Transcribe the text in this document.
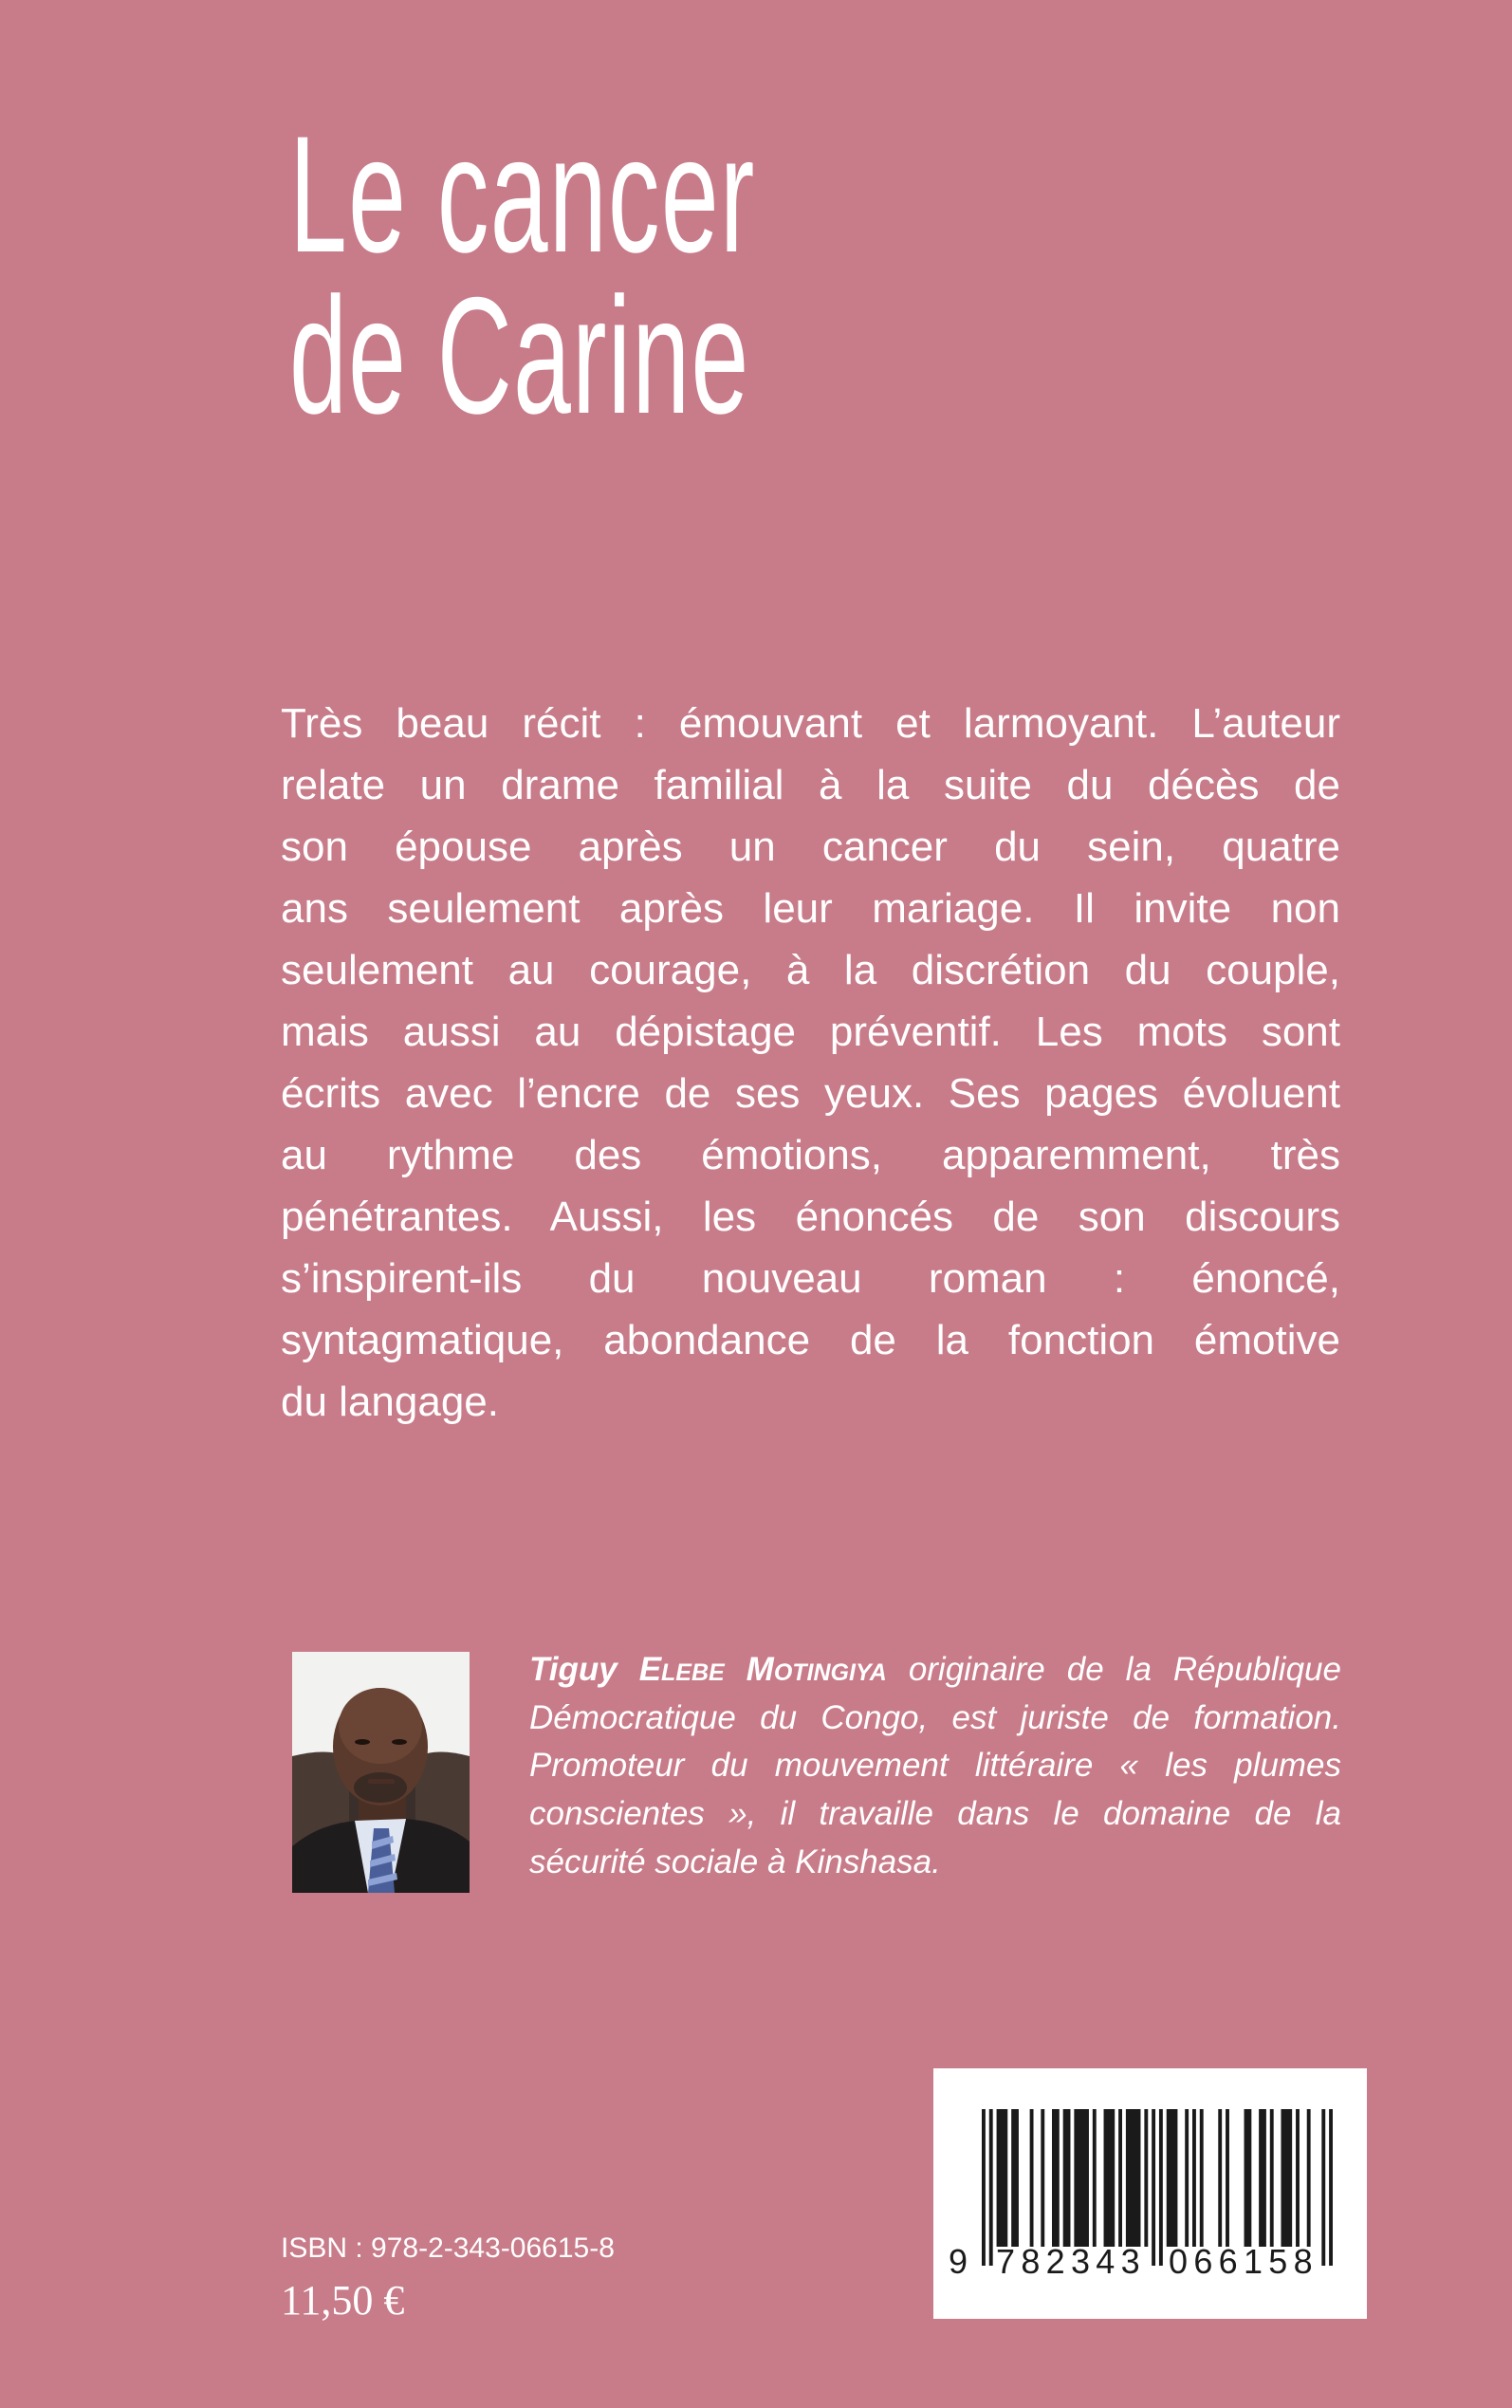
Le cancer
de Carine
Très beau récit : émouvant et larmoyant. L’auteur
relate un drame familial à la suite du décès de
son épouse après un cancer du sein, quatre
ans seulement après leur mariage. Il invite non
seulement au courage, à la discrétion du couple,
mais aussi au dépistage préventif. Les mots sont
écrits avec l’encre de ses yeux. Ses pages évoluent
au rythme des émotions, apparemment, très
pénétrantes. Aussi, les énoncés de son discours
s’inspirent-ils du nouveau roman : énoncé,
syntagmatique, abondance de la fonction émotive
du langage.
Tiguy Elebe Motingiya originaire de la République
Démocratique du Congo, est juriste de formation.
Promoteur du mouvement littéraire « les plumes
conscientes », il travaille dans le domaine de la
sécurité sociale à Kinshasa.
ISBN : 978-2-343-06615-8
11,50 €
9 782343 066158
